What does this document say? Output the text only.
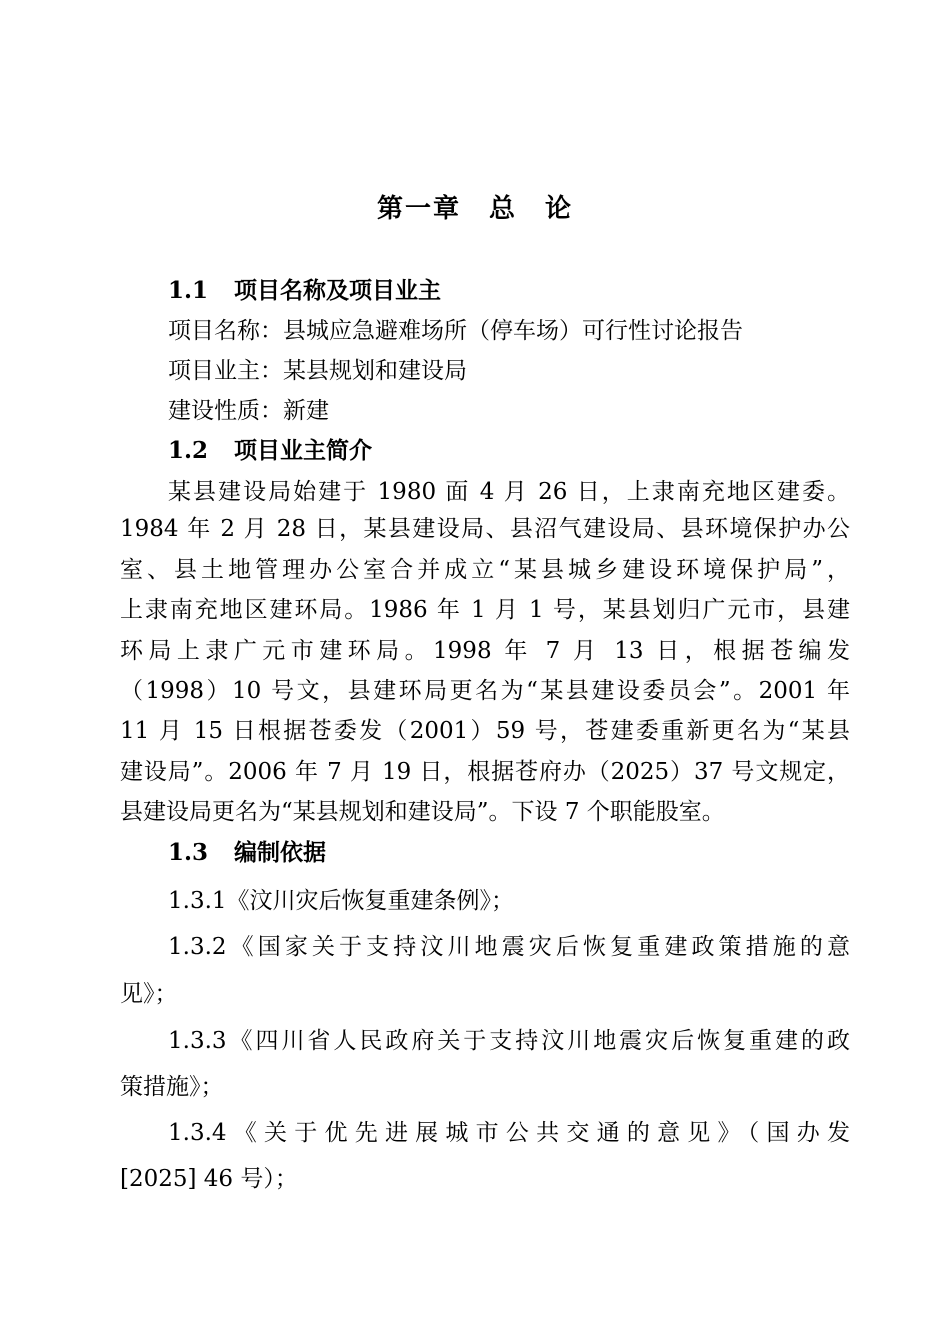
第一章　总　论
1.1 项目名称及项目业主
项目名称：县城应急避难场所（停车场）可行性讨论报告
项目业主：某县规划和建设局
建设性质：新建
1.2 项目业主简介
某县建设局始建于 1980 面 4 月 26 日，上隶南充地区建委。
1984 年 2 月 28 日，某县建设局、县沼气建设局、县环境保护办公
室、县土地管理办公室合并成立“某县城乡建设环境保护局”，
上隶南充地区建环局。1986 年 1 月 1 号，某县划归广元市，县建
环局上隶广元市建环局。1998 年 7 月 13 日，根据苍编发
（1998）10 号文，县建环局更名为“某县建设委员会”。2001 年
11 月 15 日根据苍委发（2001）59 号，苍建委重新更名为“某县
建设局”。2006 年 7 月 19 日，根据苍府办（2025）37 号文规定，
县建设局更名为“某县规划和建设局”。下设 7 个职能股室。
1.3 编制依据
1.3.1《汶川灾后恢复重建条例》；
1.3.2《国家关于支持汶川地震灾后恢复重建政策措施的意
见》；
1.3.3《四川省人民政府关于支持汶川地震灾后恢复重建的政
策措施》；
1.3.4《关于优先进展城市公共交通的意见》（国办发
[2025] 46 号）；
